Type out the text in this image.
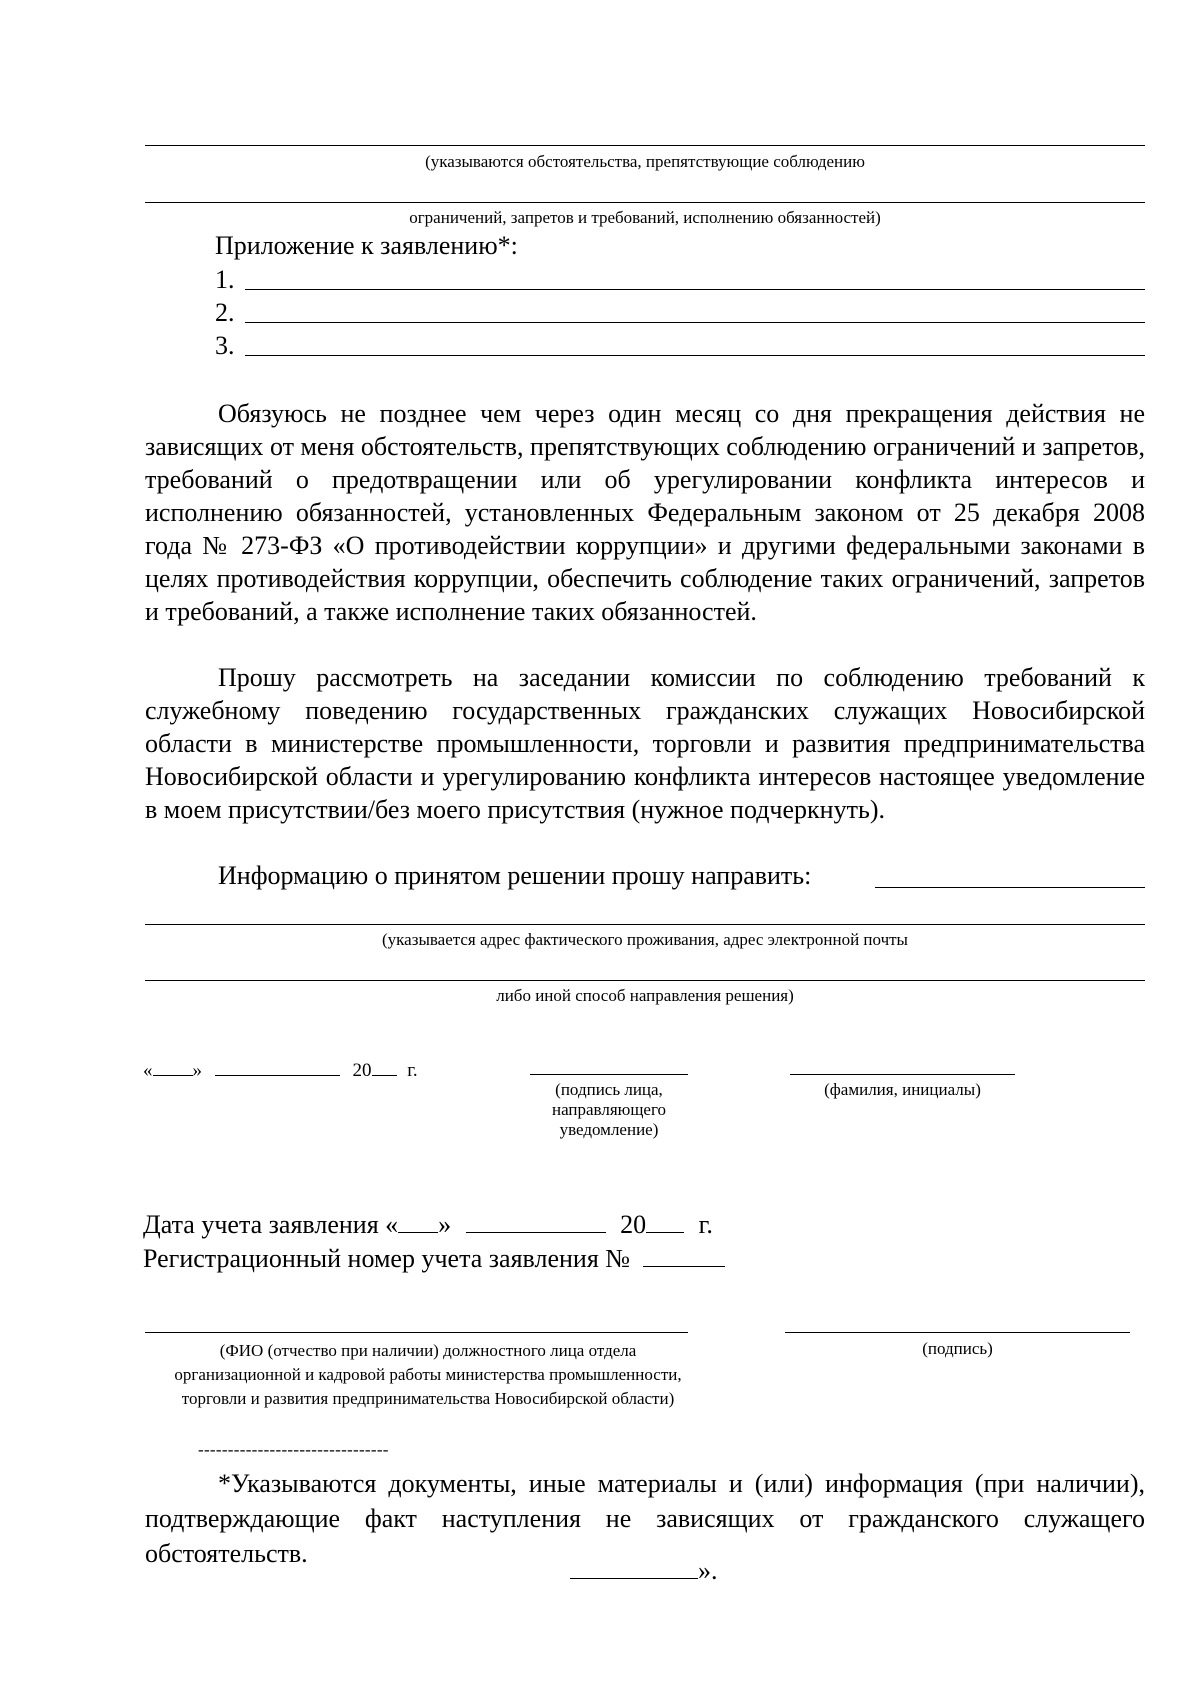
(указываются обстоятельства, препятствующие соблюдению
ограничений, запретов и требований, исполнению обязанностей)
Приложение к заявлению*:
1.
2.
3.
Обязуюсь не позднее чем через один месяц со дня прекращения действия не зависящих от меня обстоятельств, препятствующих соблюдению ограничений и запретов, требований о предотвращении или об урегулировании конфликта интересов и исполнению обязанностей, установленных Федеральным законом от 25 декабря 2008 года № 273-ФЗ «О противодействии коррупции» и другими федеральными законами в целях противодействия коррупции, обеспечить соблюдение таких ограничений, запретов и требований, а также исполнение таких обязанностей.
Прошу рассмотреть на заседании комиссии по соблюдению требований к служебному поведению государственных гражданских служащих Новосибирской области в министерстве промышленности, торговли и развития предпринимательства Новосибирской области и урегулированию конфликта интересов настоящее уведомление в моем присутствии/без моего присутствия (нужное подчеркнуть).
Информацию о принятом решении прошу направить:
(указывается адрес фактического проживания, адрес электронной почты
либо иной способ направления решения)
« »	20 г.
(подпись лица, направляющего уведомление)
(фамилия, инициалы)
Дата учета заявления « »	20 г.
Регистрационный номер учета заявления №
(ФИО (отчество при наличии) должностного лица отдела организационной и кадровой работы министерства промышленности, торговли и развития предпринимательства Новосибирской области)
(подпись)
--------------------------------
*Указываются документы, иные материалы и (или) информация (при наличии), подтверждающие факт наступления не зависящих от гражданского служащего обстоятельств.
».
